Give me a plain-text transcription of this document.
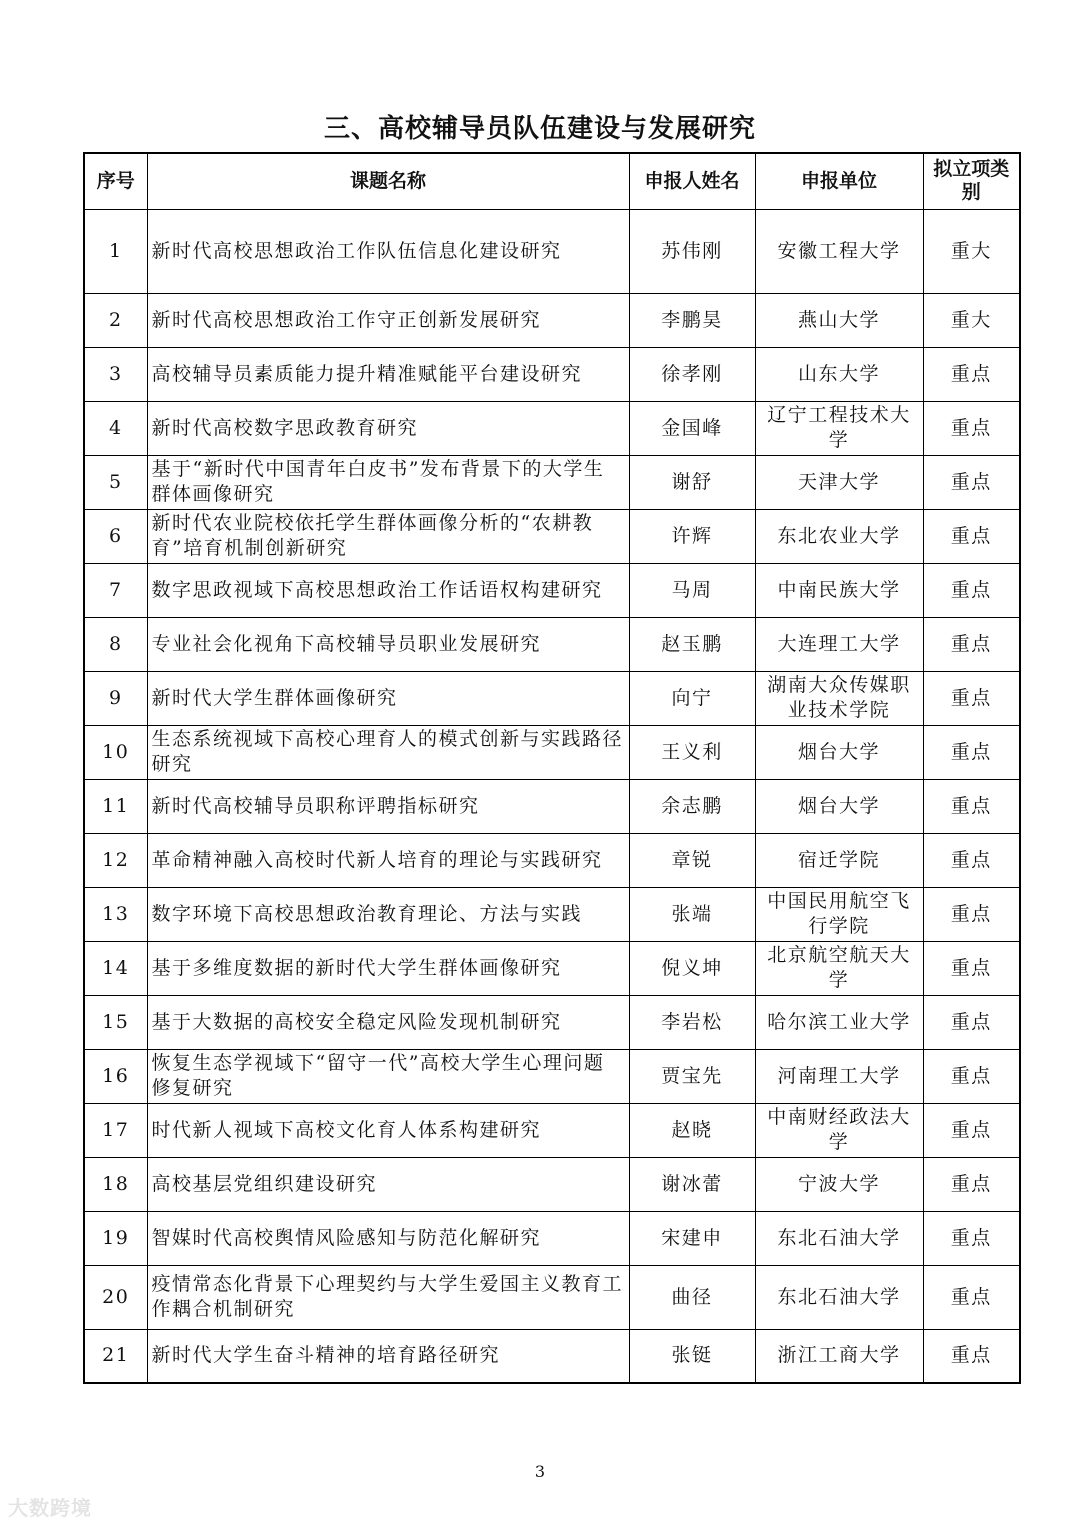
三、高校辅导员队伍建设与发展研究
序号	课题名称	申报人姓名	申报单位	拟立项类别
1	新时代高校思想政治工作队伍信息化建设研究	苏伟刚	安徽工程大学	重大
2	新时代高校思想政治工作守正创新发展研究	李鹏昊	燕山大学	重大
3	高校辅导员素质能力提升精准赋能平台建设研究	徐孝刚	山东大学	重点
4	新时代高校数字思政教育研究	金国峰	辽宁工程技术大学	重点
5	基于“新时代中国青年白皮书”发布背景下的大学生群体画像研究	谢舒	天津大学	重点
6	新时代农业院校依托学生群体画像分析的“农耕教育”培育机制创新研究	许辉	东北农业大学	重点
7	数字思政视域下高校思想政治工作话语权构建研究	马周	中南民族大学	重点
8	专业社会化视角下高校辅导员职业发展研究	赵玉鹏	大连理工大学	重点
9	新时代大学生群体画像研究	向宁	湖南大众传媒职业技术学院	重点
10	生态系统视域下高校心理育人的模式创新与实践路径研究	王义利	烟台大学	重点
11	新时代高校辅导员职称评聘指标研究	余志鹏	烟台大学	重点
12	革命精神融入高校时代新人培育的理论与实践研究	章锐	宿迁学院	重点
13	数字环境下高校思想政治教育理论、方法与实践	张端	中国民用航空飞行学院	重点
14	基于多维度数据的新时代大学生群体画像研究	倪义坤	北京航空航天大学	重点
15	基于大数据的高校安全稳定风险发现机制研究	李岩松	哈尔滨工业大学	重点
16	恢复生态学视域下“留守一代”高校大学生心理问题修复研究	贾宝先	河南理工大学	重点
17	时代新人视域下高校文化育人体系构建研究	赵晓	中南财经政法大学	重点
18	高校基层党组织建设研究	谢冰蕾	宁波大学	重点
19	智媒时代高校舆情风险感知与防范化解研究	宋建申	东北石油大学	重点
20	疫情常态化背景下心理契约与大学生爱国主义教育工作耦合机制研究	曲径	东北石油大学	重点
21	新时代大学生奋斗精神的培育路径研究	张铤	浙江工商大学	重点
3
大数跨境
